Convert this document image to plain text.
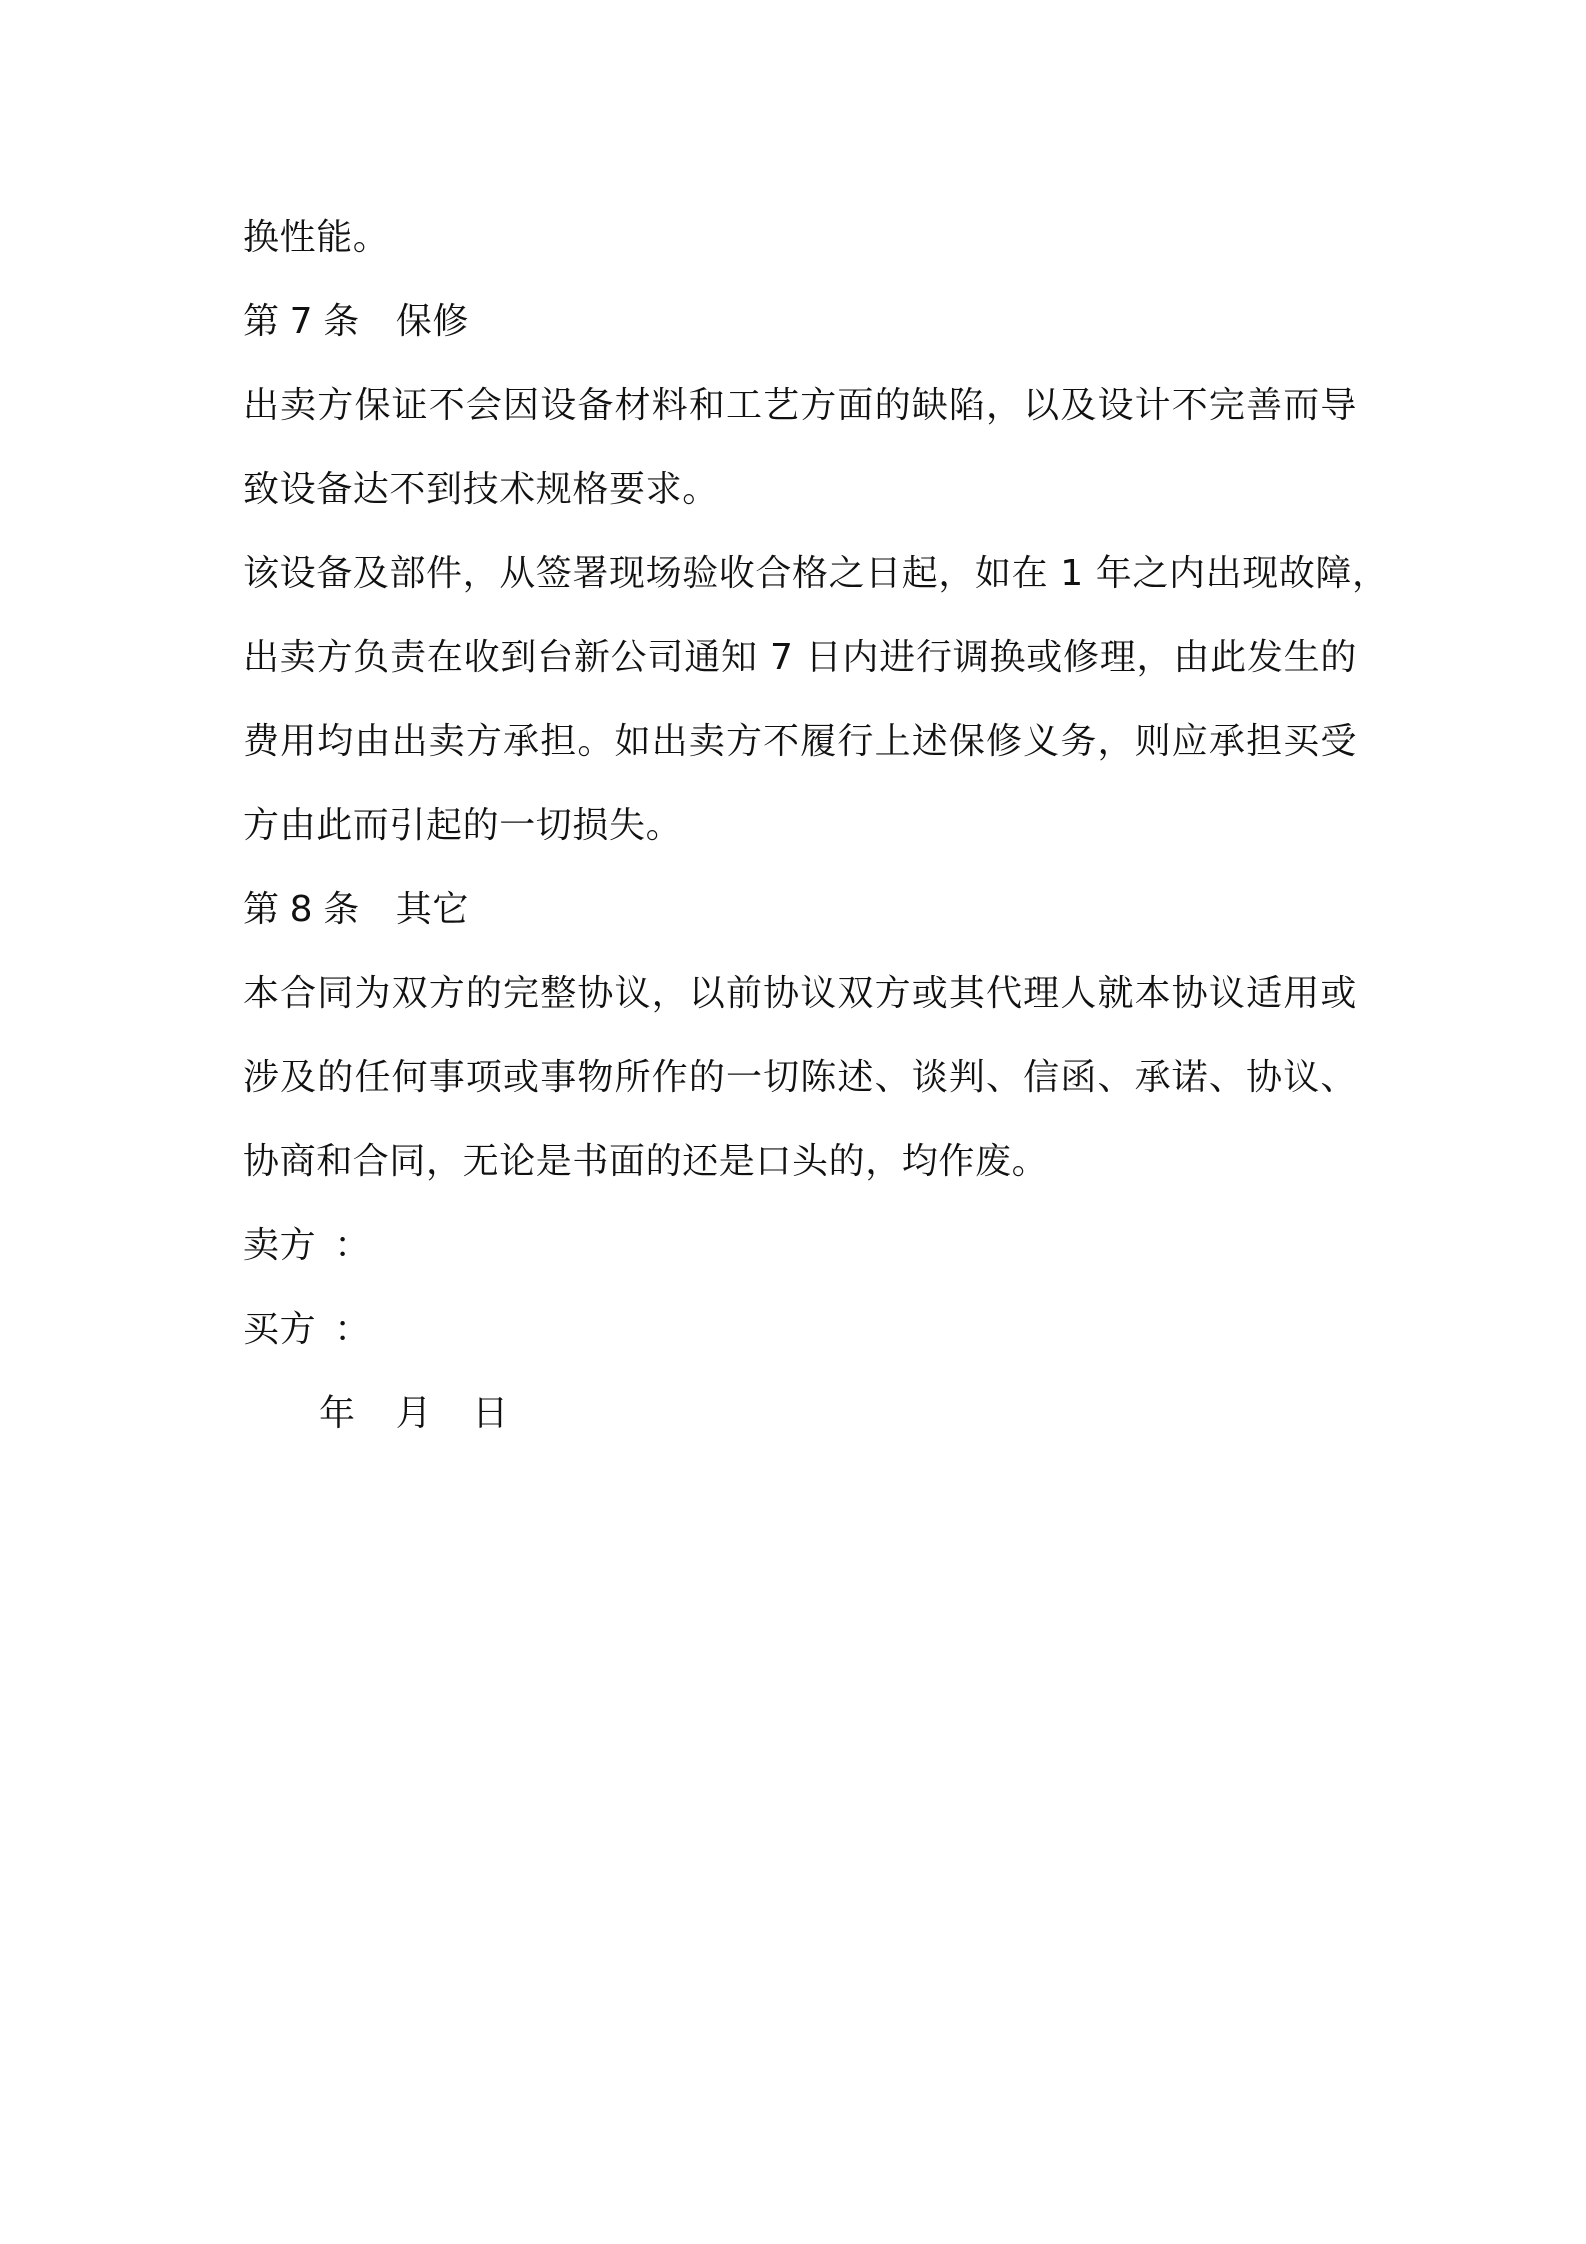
换性能。
第 7 条 保修
出卖方保证不会因设备材料和工艺方面的缺陷，以及设计不完善而导
致设备达不到技术规格要求。
该设备及部件，从签署现场验收合格之日起，如在 1 年之内出现故障，
出卖方负责在收到台新公司通知 7 日内进行调换或修理，由此发生的
费用均由出卖方承担。如出卖方不履行上述保修义务，则应承担买受
方由此而引起的一切损失。
第 8 条 其它
本合同为双方的完整协议，以前协议双方或其代理人就本协议适用或
涉及的任何事项或事物所作的一切陈述、谈判、信函、承诺、协议、
协商和合同，无论是书面的还是口头的，均作废。
卖方 ：
买方 ：
年 月 日
